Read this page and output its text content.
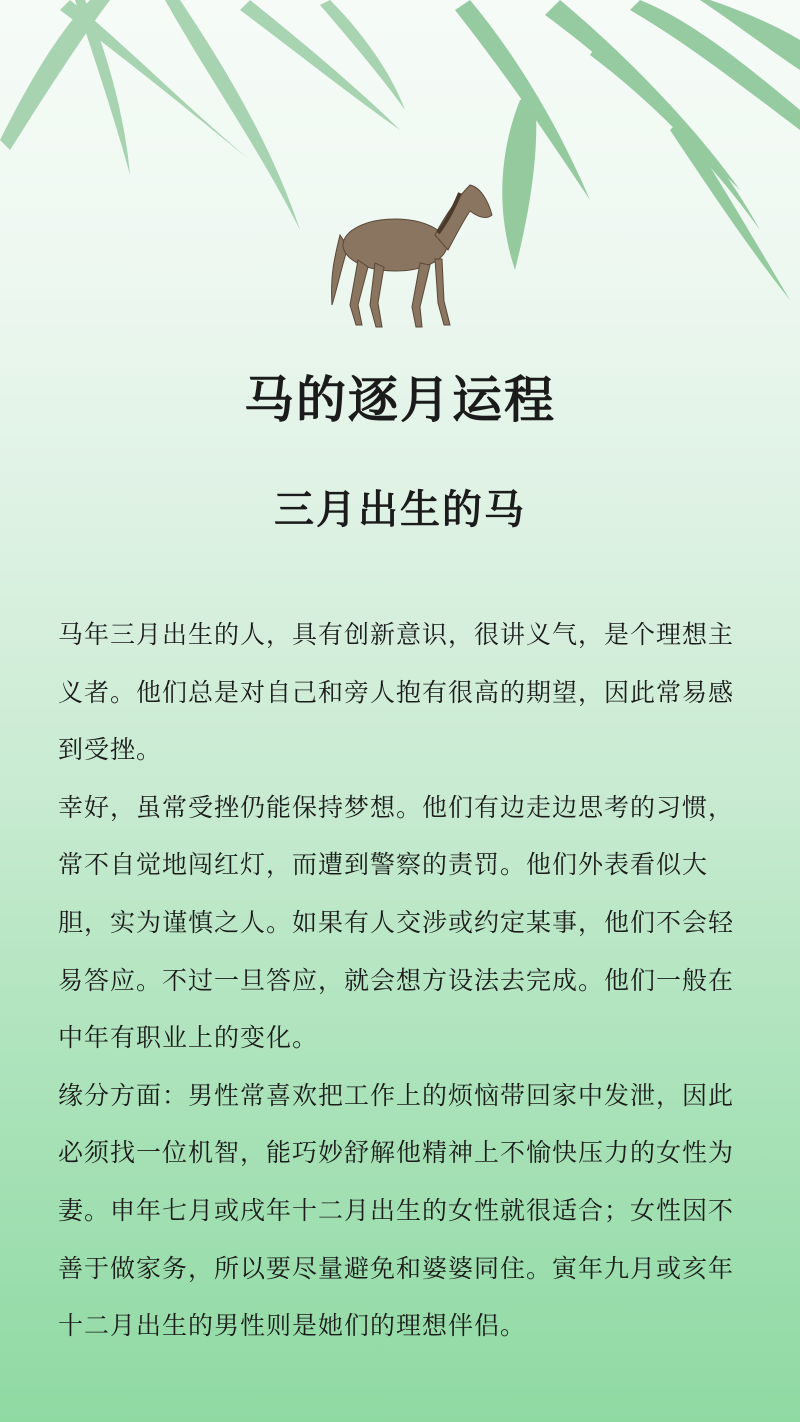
马的逐月运程
三月出生的马

马年三月出生的人，具有创新意识，很讲义气，是个理想主义者。他们总是对自己和旁人抱有很高的期望，因此常易感到受挫。

幸好，虽常受挫仍能保持梦想。他们有边走边思考的习惯，常不自觉地闯红灯，而遭到警察的责罚。他们外表看似大胆，实为谨慎之人。如果有人交涉或约定某事，他们不会轻易答应。不过一旦答应，就会想方设法去完成。他们一般在中年有职业上的变化。

缘分方面：男性常喜欢把工作上的烦恼带回家中发泄，因此必须找一位机智，能巧妙舒解他精神上不愉快压力的女性为妻。申年七月或戌年十二月出生的女性就很适合；女性因不善于做家务，所以要尽量避免和婆婆同住。寅年九月或亥年十二月出生的男性则是她们的理想伴侣。
